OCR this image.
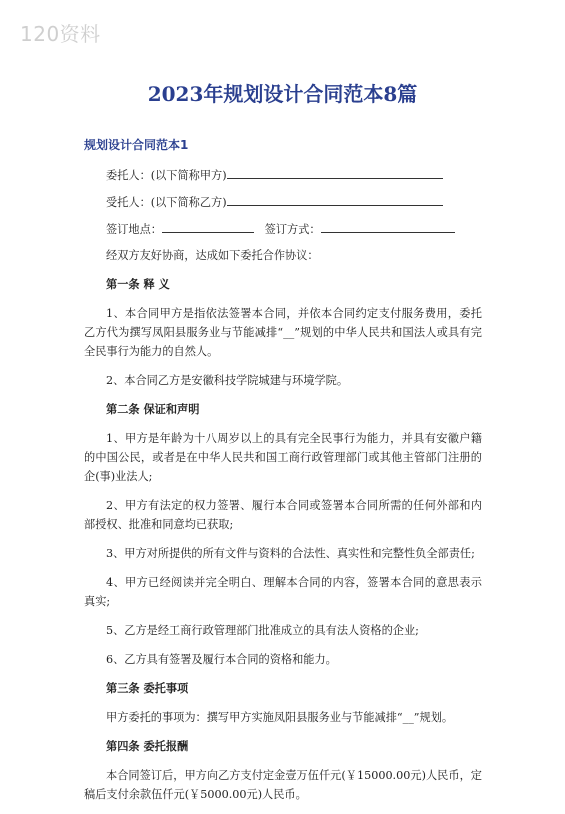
120资料
2023年规划设计合同范本8篇
规划设计合同范本1
委托人：(以下简称甲方)
受托人：(以下简称乙方)
签订地点：	签订方式：

经双方友好协商，达成如下委托合作协议：

第一条 释 义

1、本合同甲方是指依法签署本合同，并依本合同约定支付服务费用，委托乙方代为撰写凤阳县服务业与节能减排“__”规划的中华人民共和国法人或具有完全民事行为能力的自然人。

2、本合同乙方是安徽科技学院城建与环境学院。

第二条 保证和声明

1、甲方是年龄为十八周岁以上的具有完全民事行为能力，并具有安徽户籍的中国公民，或者是在中华人民共和国工商行政管理部门或其他主管部门注册的企(事)业法人;

2、甲方有法定的权力签署、履行本合同或签署本合同所需的任何外部和内部授权、批准和同意均已获取;

3、甲方对所提供的所有文件与资料的合法性、真实性和完整性负全部责任;

4、甲方已经阅读并完全明白、理解本合同的内容，签署本合同的意思表示真实;

5、乙方是经工商行政管理部门批准成立的具有法人资格的企业;

6、乙方具有签署及履行本合同的资格和能力。

第三条 委托事项

甲方委托的事项为：撰写甲方实施凤阳县服务业与节能减排“__”规划。

第四条 委托报酬

本合同签订后，甲方向乙方支付定金壹万伍仟元(￥15000.00元)人民币，定稿后支付余款伍仟元(￥5000.00元)人民币。
